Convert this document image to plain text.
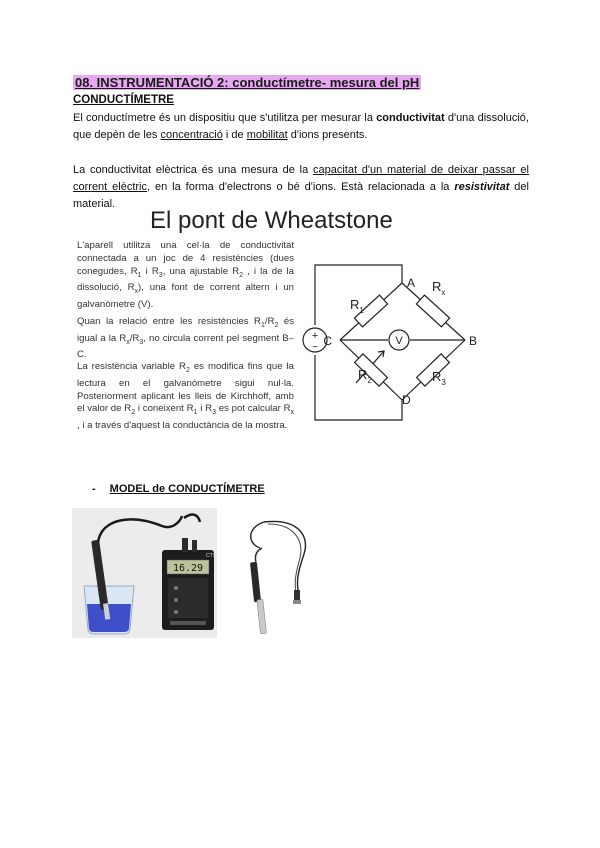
08. INSTRUMENTACIÓ 2: conductímetre- mesura del pH
CONDUCTÍMETRE
El conductímetre és un dispositiu que s'utilitza per mesurar la conductivitat d'una dissolució, que depèn de les concentració i de mobilitat d'ions presents.
La conductivitat elèctrica és una mesura de la capacitat d'un material de deixar passar el corrent elèctric, en la forma d'electrons o bé d'ions. Està relacionada a la resistivitat del material.
El pont de Wheatstone
L'aparell utilitza una cel·la de conductivitat connectada a un joc de 4 resistències (dues conegudes, $R_1$ i $R_3$, una ajustable $R_2$ , i la de la dissolució, $R_x$), una font de corrent altern i un galvanòmetre (V).
Quan la relació entre les resistències $R_1/R_2$ és igual a la $R_x/R_3$, no circula corrent pel segment B–C.
La resistència variable $R_2$ es modifica fins que la lectura en el galvanòmetre sigui nul·la. Posteriorment aplicant les lleis de Kirchhoff, amb el valor de $R_2$ i coneixent $R_1$ i $R_3$ es pot calcular $R_x$ , i a través d'aquest la conductància de la mostra.
V
+
−
A
B
C
D
$R_1$
$R_x$
$R_2$	$R_3$
- MODEL de CONDUCTÍMETRE
16.29
CTS
